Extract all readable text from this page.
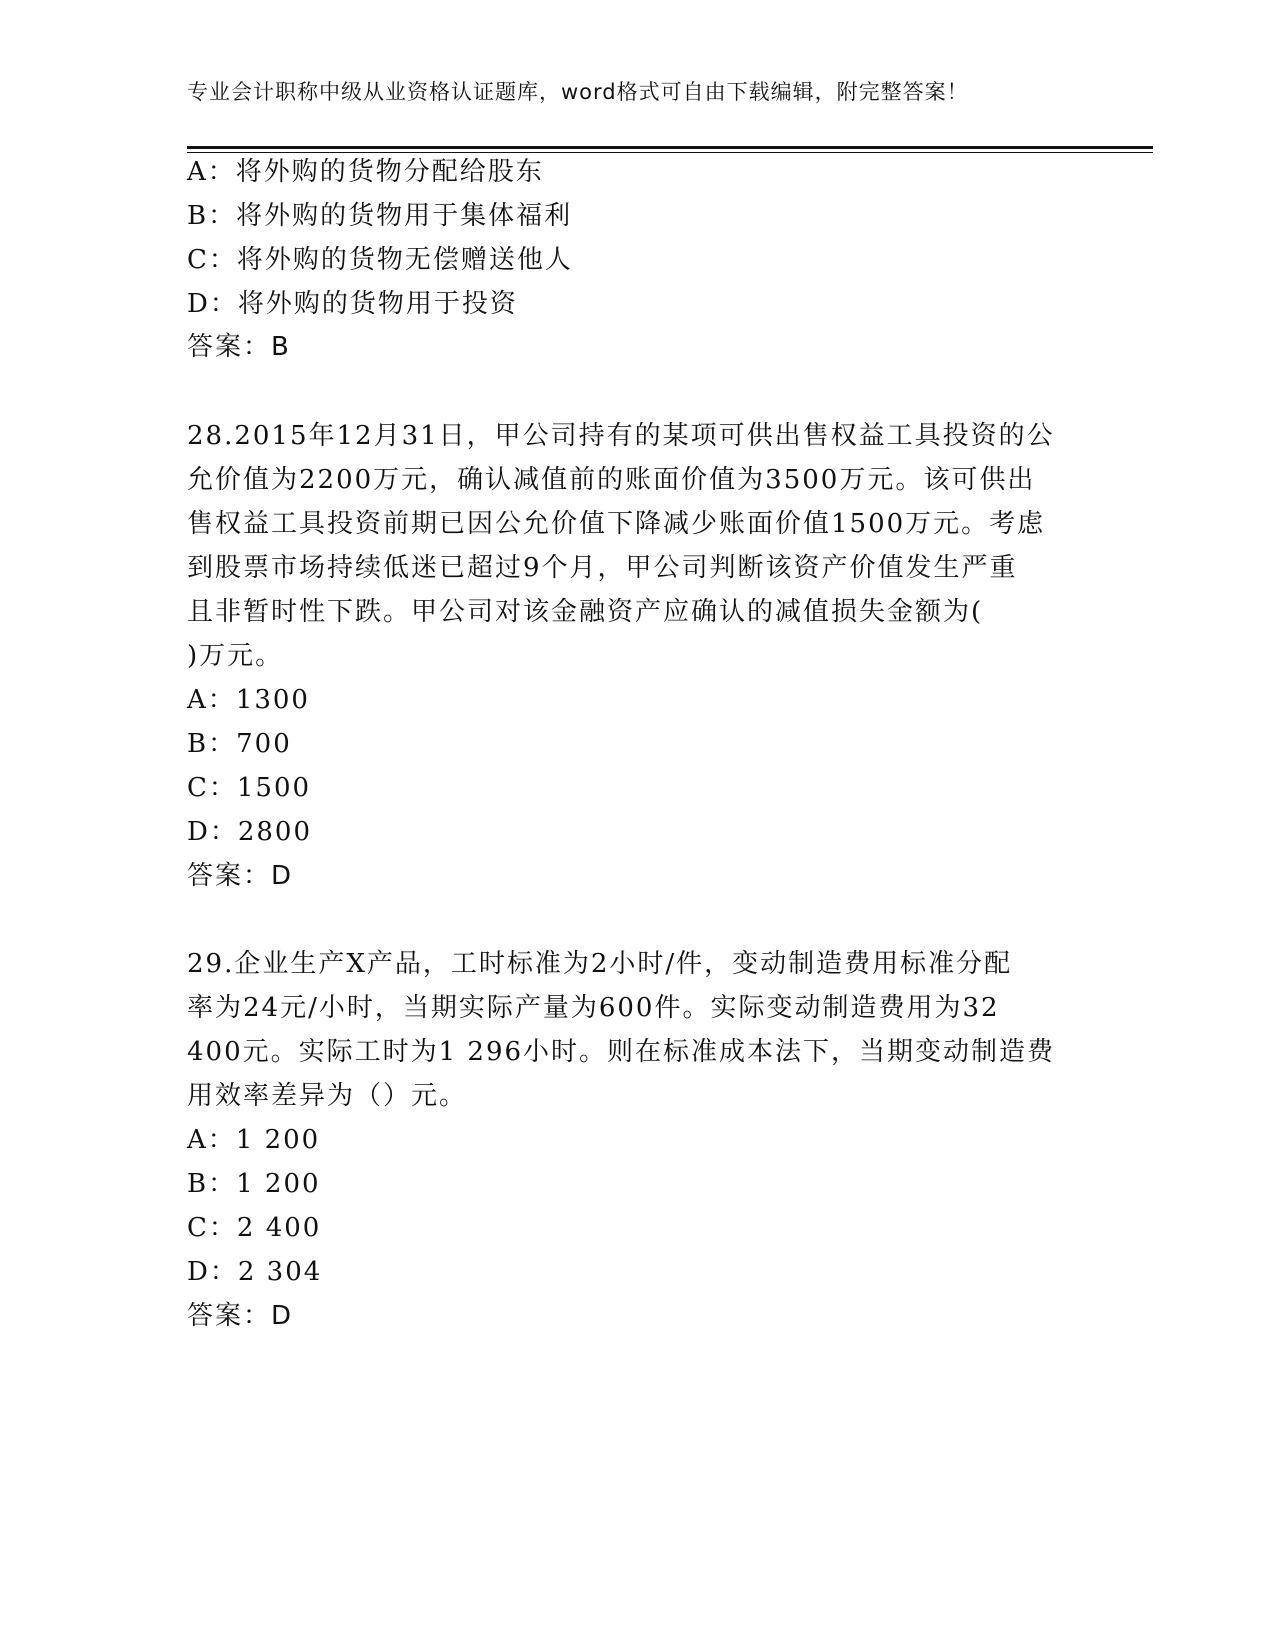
专业会计职称中级从业资格认证题库，word格式可自由下载编辑，附完整答案！
A：将外购的货物分配给股东
B：将外购的货物用于集体福利
C：将外购的货物无偿赠送他人
D：将外购的货物用于投资
答案：B
28.2015年12月31日，甲公司持有的某项可供出售权益工具投资的公
允价值为2200万元，确认减值前的账面价值为3500万元。该可供出
售权益工具投资前期已因公允价值下降减少账面价值1500万元。考虑
到股票市场持续低迷已超过9个月，甲公司判断该资产价值发生严重
且非暂时性下跌。甲公司对该金融资产应确认的减值损失金额为(
)万元。
A：1300
B：700
C：1500
D：2800
答案：D
29.企业生产X产品，工时标准为2小时/件，变动制造费用标准分配
率为24元/小时，当期实际产量为600件。实际变动制造费用为32
400元。实际工时为1 296小时。则在标准成本法下，当期变动制造费
用效率差异为（）元。
A：1 200
B：1 200
C：2 400
D：2 304
答案：D
